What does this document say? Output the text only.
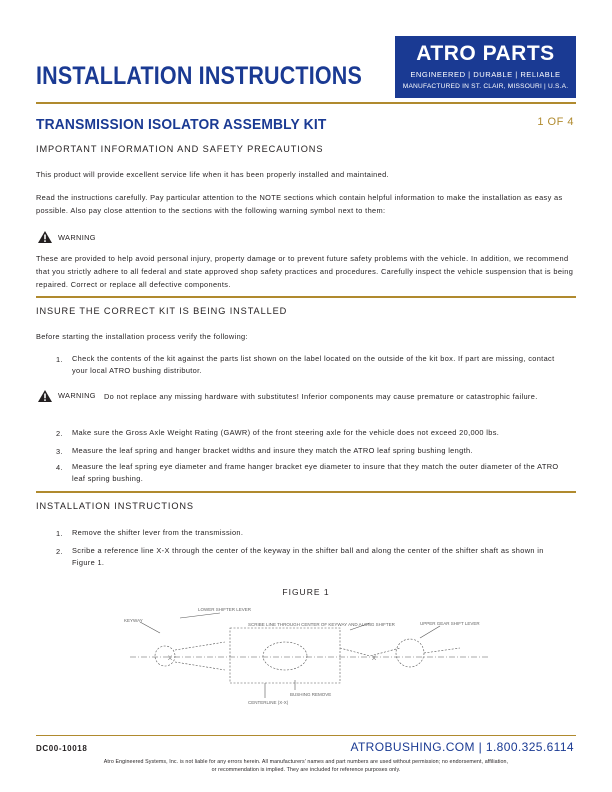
INSTALLATION INSTRUCTIONS
ATRO PARTS
ENGINEERED | DURABLE | RELIABLE
MANUFACTURED IN ST. CLAIR, MISSOURI | U.S.A.
TRANSMISSION ISOLATOR ASSEMBLY KIT	1 OF 4
IMPORTANT INFORMATION AND SAFETY PRECAUTIONS
This product will provide excellent service life when it has been properly installed and maintained.
Read the instructions carefully. Pay particular attention to the NOTE sections which contain helpful information to make the installation as easy as possible. Also pay close attention to the sections with the following warning symbol next to them:
WARNING
These are provided to help avoid personal injury, property damage or to prevent future safety problems with the vehicle. In addition, we recommend that you strictly adhere to all federal and state approved shop safety practices and procedures. Carefully inspect the vehicle suspension that is being repaired. Correct or replace all defective components.
INSURE THE CORRECT KIT IS BEING INSTALLED
Before starting the installation process verify the following:
1. Check the contents of the kit against the parts list shown on the label located on the outside of the kit box. If part are missing, contact your local ATRO bushing distributor.
WARNING Do not replace any missing hardware with substitutes! Inferior components may cause premature or catastrophic failure.
2. Make sure the Gross Axle Weight Rating (GAWR) of the front steering axle for the vehicle does not exceed 20,000 lbs.
3. Measure the leaf spring and hanger bracket widths and insure they match the ATRO leaf spring bushing length.
4. Measure the leaf spring eye diameter and frame hanger bracket eye diameter to insure that they match the outer diameter of the ATRO leaf spring bushing.
INSTALLATION INSTRUCTIONS
1. Remove the shifter lever from the transmission.
2. Scribe a reference line X-X through the center of the keyway in the shifter ball and along the center of the shifter shaft as shown in Figure 1.
FIGURE 1
KEYWAY
LOWER SHIFTER LEVER
SCRIBE LINE THROUGH CENTER OF KEYWAY AND ALONG SHIFTER	UPPER GEAR SHIFT LEVER
BUSHING REMOVE
CENTERLINE (X-X)
X	X
DC00-10018	ATROBUSHING.COM | 1.800.325.6114
Atro Engineered Systems, Inc. is not liable for any errors herein. All manufacturers' names and part numbers are used without permission; no endorsement, affiliation,
or recommendation is implied. They are included for reference purposes only.
